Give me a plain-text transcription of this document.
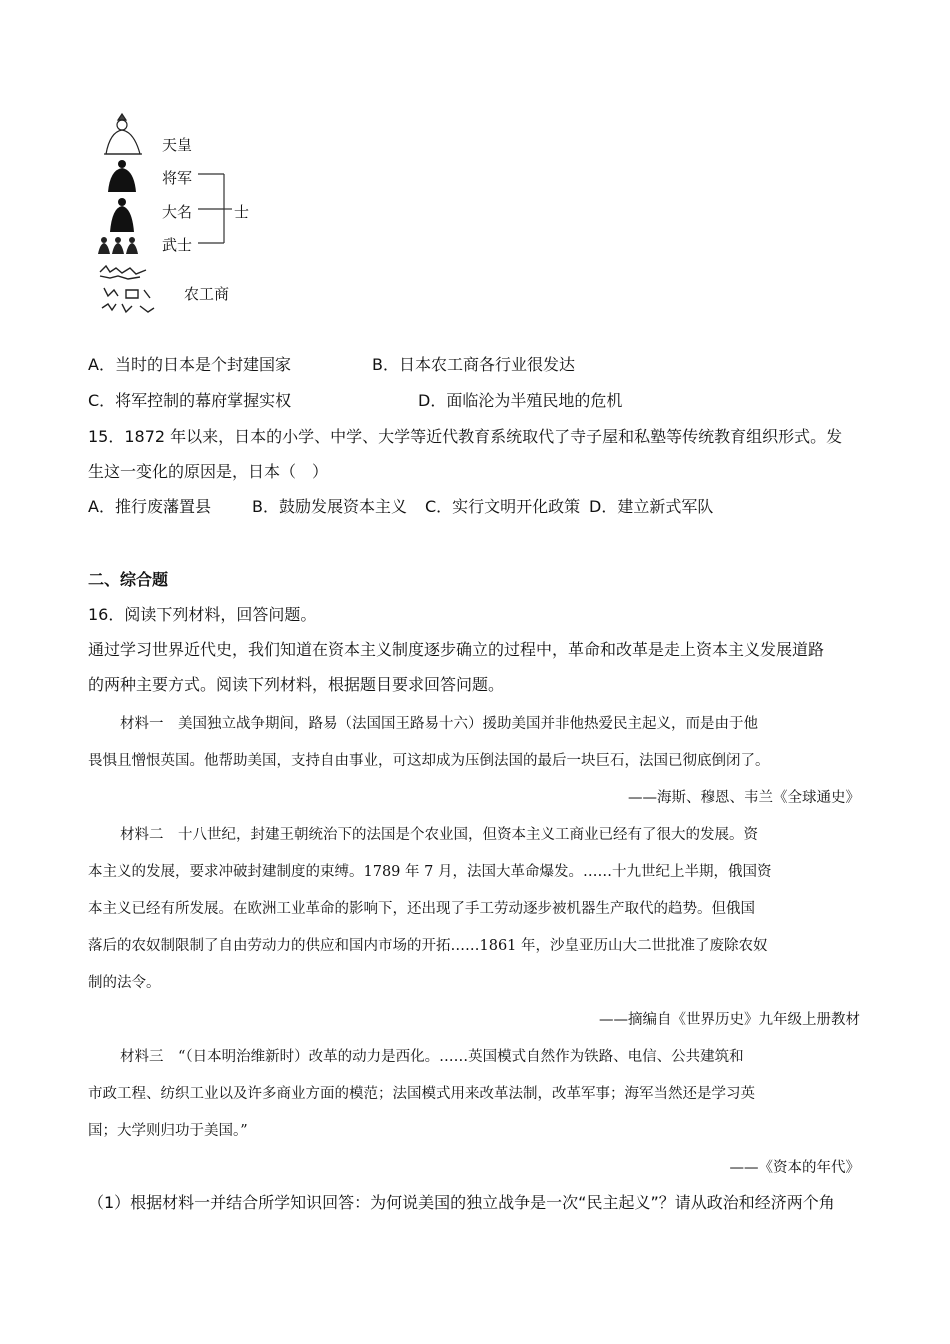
天皇
将军
大名
武士
士
农工商
A．当时的日本是个封建国家	B．日本农工商各行业很发达
C．将军控制的幕府掌握实权	D．面临沦为半殖民地的危机
15．1872 年以来，日本的小学、中学、大学等近代教育系统取代了寺子屋和私塾等传统教育组织形式。发
生这一变化的原因是，日本（　）
A．推行废藩置县	B．鼓励发展资本主义 C．实行文明开化政策 D．建立新式军队
二、综合题
16．阅读下列材料，回答问题。
通过学习世界近代史，我们知道在资本主义制度逐步确立的过程中，革命和改革是走上资本主义发展道路
的两种主要方式。阅读下列材料，根据题目要求回答问题。
材料一　美国独立战争期间，路易（法国国王路易十六）援助美国并非他热爱民主起义，而是由于他
畏惧且憎恨英国。他帮助美国，支持自由事业，可这却成为压倒法国的最后一块巨石，法国已彻底倒闭了。
——海斯、穆恩、韦兰《全球通史》
材料二　十八世纪，封建王朝统治下的法国是个农业国，但资本主义工商业已经有了很大的发展。资
本主义的发展，要求冲破封建制度的束缚。1789 年 7 月，法国大革命爆发。……十九世纪上半期，俄国资
本主义已经有所发展。在欧洲工业革命的影响下，还出现了手工劳动逐步被机器生产取代的趋势。但俄国
落后的农奴制限制了自由劳动力的供应和国内市场的开拓……1861 年，沙皇亚历山大二世批准了废除农奴
制的法令。
——摘编自《世界历史》九年级上册教材
材料三　“（日本明治维新时）改革的动力是西化。……英国模式自然作为铁路、电信、公共建筑和
市政工程、纺织工业以及许多商业方面的模范；法国模式用来改革法制，改革军事；海军当然还是学习英
国；大学则归功于美国。”
——《资本的年代》
（1）根据材料一并结合所学知识回答：为何说美国的独立战争是一次“民主起义”？请从政治和经济两个角
